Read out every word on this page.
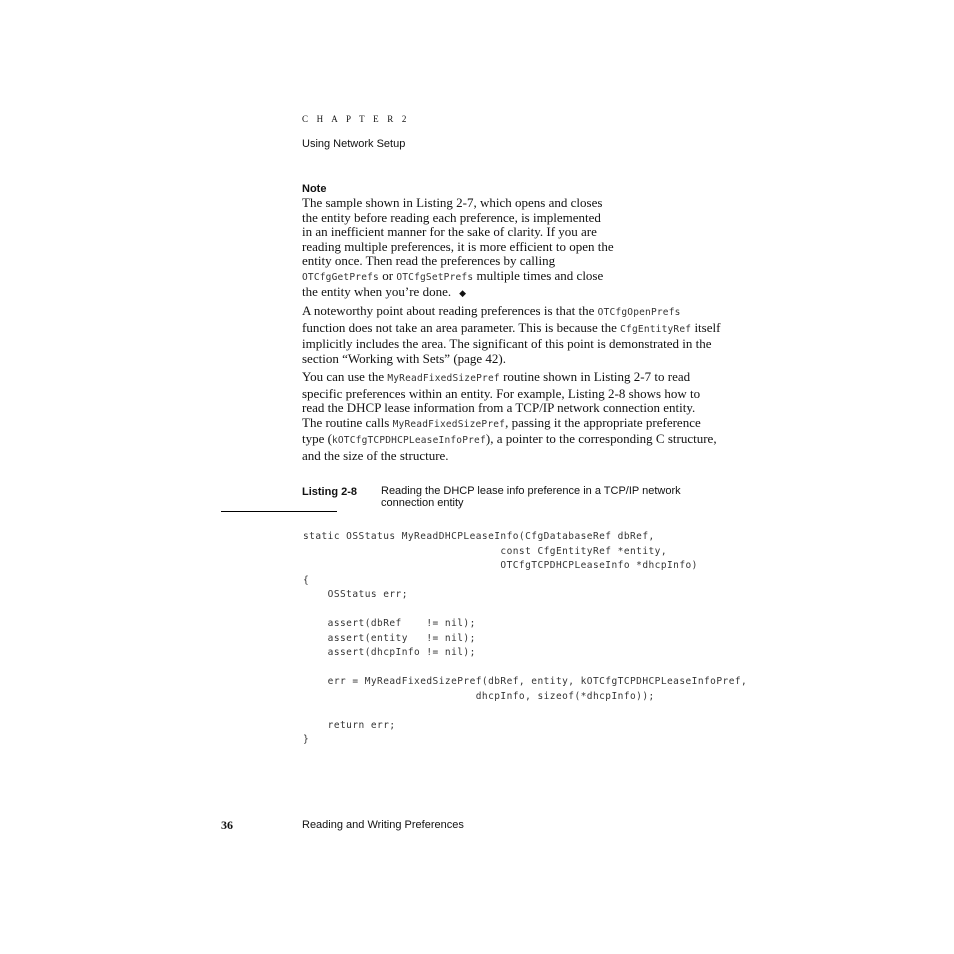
C H A P T E R 2
Using Network Setup
Note
The sample shown in Listing 2-7, which opens and closes
the entity before reading each preference, is implemented
in an inefficient manner for the sake of clarity. If you are
reading multiple preferences, it is more efficient to open the
entity once. Then read the preferences by calling
OTCfgGetPrefs or OTCfgSetPrefs multiple times and close
the entity when you’re done. ◆
A noteworthy point about reading preferences is that the OTCfgOpenPrefs
function does not take an area parameter. This is because the CfgEntityRef itself
implicitly includes the area. The significant of this point is demonstrated in the
section “Working with Sets” (page 42).
You can use the MyReadFixedSizePref routine shown in Listing 2-7 to read
specific preferences within an entity. For example, Listing 2-8 shows how to
read the DHCP lease information from a TCP/IP network connection entity.
The routine calls MyReadFixedSizePref, passing it the appropriate preference
type (kOTCfgTCPDHCPLeaseInfoPref), a pointer to the corresponding C structure,
and the size of the structure.
Listing 2-8 Reading the DHCP lease info preference in a TCP/IP network connection entity
static OSStatus MyReadDHCPLeaseInfo(CfgDatabaseRef dbRef,
const CfgEntityRef *entity,
OTCfgTCPDHCPLeaseInfo *dhcpInfo)
{
OSStatus err;

assert(dbRef    != nil);
assert(entity   != nil);
assert(dhcpInfo != nil);

err = MyReadFixedSizePref(dbRef, entity, kOTCfgTCPDHCPLeaseInfoPref,
dhcpInfo, sizeof(*dhcpInfo));

return err;
}
36	Reading and Writing Preferences
